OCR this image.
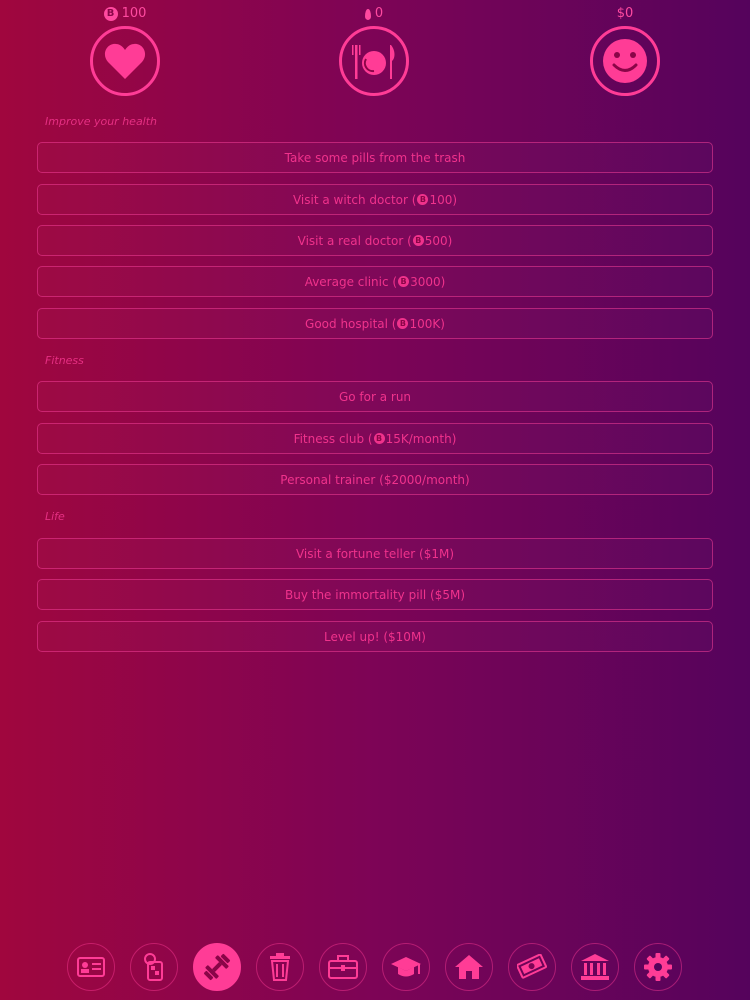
B 100	0	$0
Improve your health
Take some pills from the trash
Visit a witch doctor ( B 100 )
Visit a real doctor ( B 500 )
Average clinic ( B 3000 )
Good hospital ( B 100K )
Fitness
Go for a run
Fitness club ( B 15K/month )
Personal trainer ($2000/month)
Life
Visit a fortune teller ($1M)
Buy the immortality pill ($5M)
Level up! ($10M)
